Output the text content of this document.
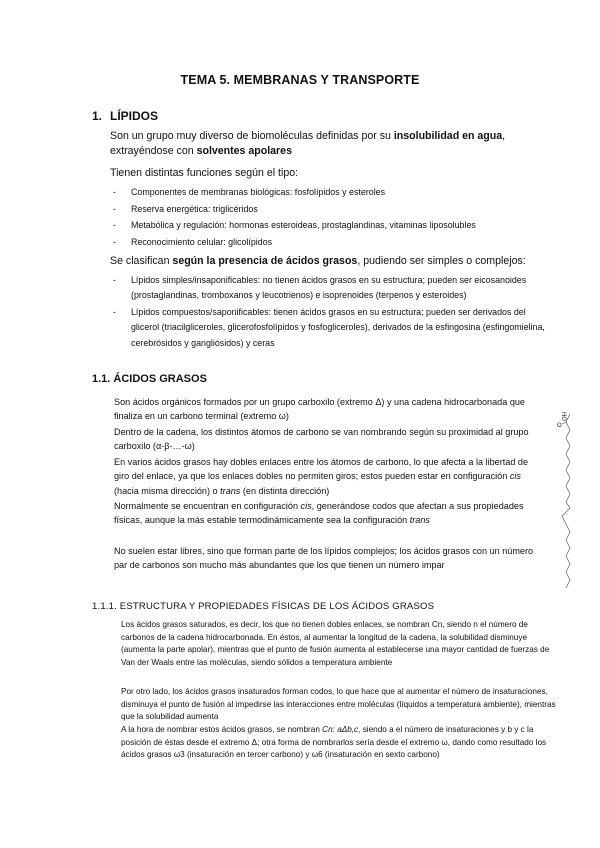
TEMA 5. MEMBRANAS Y TRANSPORTE
1. LÍPIDOS
Son un grupo muy diverso de biomoléculas definidas por su insolubilidad en agua, extrayéndose con solventes apolares
Tienen distintas funciones según el tipo:
- Componentes de membranas biológicas: fosfolípidos y esteroles
- Reserva energética: triglicéridos
- Metabólica y regulación: hormonas esteroideas, prostaglandinas, vitaminas liposolubles
- Reconocimiento celular: glicolípidos
Se clasifican según la presencia de ácidos grasos, pudiendo ser simples o complejos:
- Lípidos simples/insaponificables: no tienen ácidos grasos en su estructura; pueden ser eicosanoides (prostaglandinas, tromboxanos y leucotrienos) e isoprenoides (terpenos y esteroides)
- Lípidos compuestos/saponificables: tienen ácidos grasos en su estructura; pueden ser derivados del glicerol (triacilgliceroles, glicerofosfolípidos y fosfogliceroles), derivados de la esfingosina (esfingomielina, cerebrósidos y gangliósidos) y ceras
1.1. ÁCIDOS GRASOS
Son ácidos orgánicos formados por un grupo carboxilo (extremo Δ) y una cadena hidrocarbonada que finaliza en un carbono terminal (extremo ω)
Dentro de la cadena, los distintos átomos de carbono se van nombrando según su proximidad al grupo carboxilo (α-β-…-ω)
En varios ácidos grasos hay dobles enlaces entre los átomos de carbono, lo que afecta a la libertad de giro del enlace, ya que los enlaces dobles no permiten giros; estos pueden estar en configuración cis (hacia misma dirección) o trans (en distinta dirección)
Normalmente se encuentran en configuración cis, generándose codos que afectan a sus propiedades físicas, aunque la más estable termodinámicamente sea la configuración trans
No suelen estar libres, sino que forman parte de los lípidos complejos; los ácidos grasos con un número par de carbonos son mucho más abundantes que los que tienen un número impar
HO
O
1.1.1. ESTRUCTURA Y PROPIEDADES FÍSICAS DE LOS ÁCIDOS GRASOS
Los ácidos grasos saturados, es decir, los que no tienen dobles enlaces, se nombran Cn, siendo n el número de carbonos de la cadena hidrocarbonada. En éstos, al aumentar la longitud de la cadena, la solubilidad disminuye (aumenta la parte apolar), mientras que el punto de fusión aumenta al establecerse una mayor cantidad de fuerzas de Van der Waals entre las moléculas, siendo sólidos a temperatura ambiente
Por otro lado, los ácidos grasos insaturados forman codos, lo que hace que al aumentar el número de insaturaciones, disminuya el punto de fusión al impedirse las interacciones entre moléculas (líquidos a temperatura ambiente), mientras que la solubilidad aumenta
A la hora de nombrar estos ácidos grasos, se nombran Cn: aΔb,c, siendo a el número de insaturaciones y b y c la posición de éstas desde el extremo Δ; otra forma de nombrarlos sería desde el extremo ω, dando como resultado los ácidos grasos ω3 (insaturación en tercer carbono) y ω6 (insaturación en sexto carbono)
